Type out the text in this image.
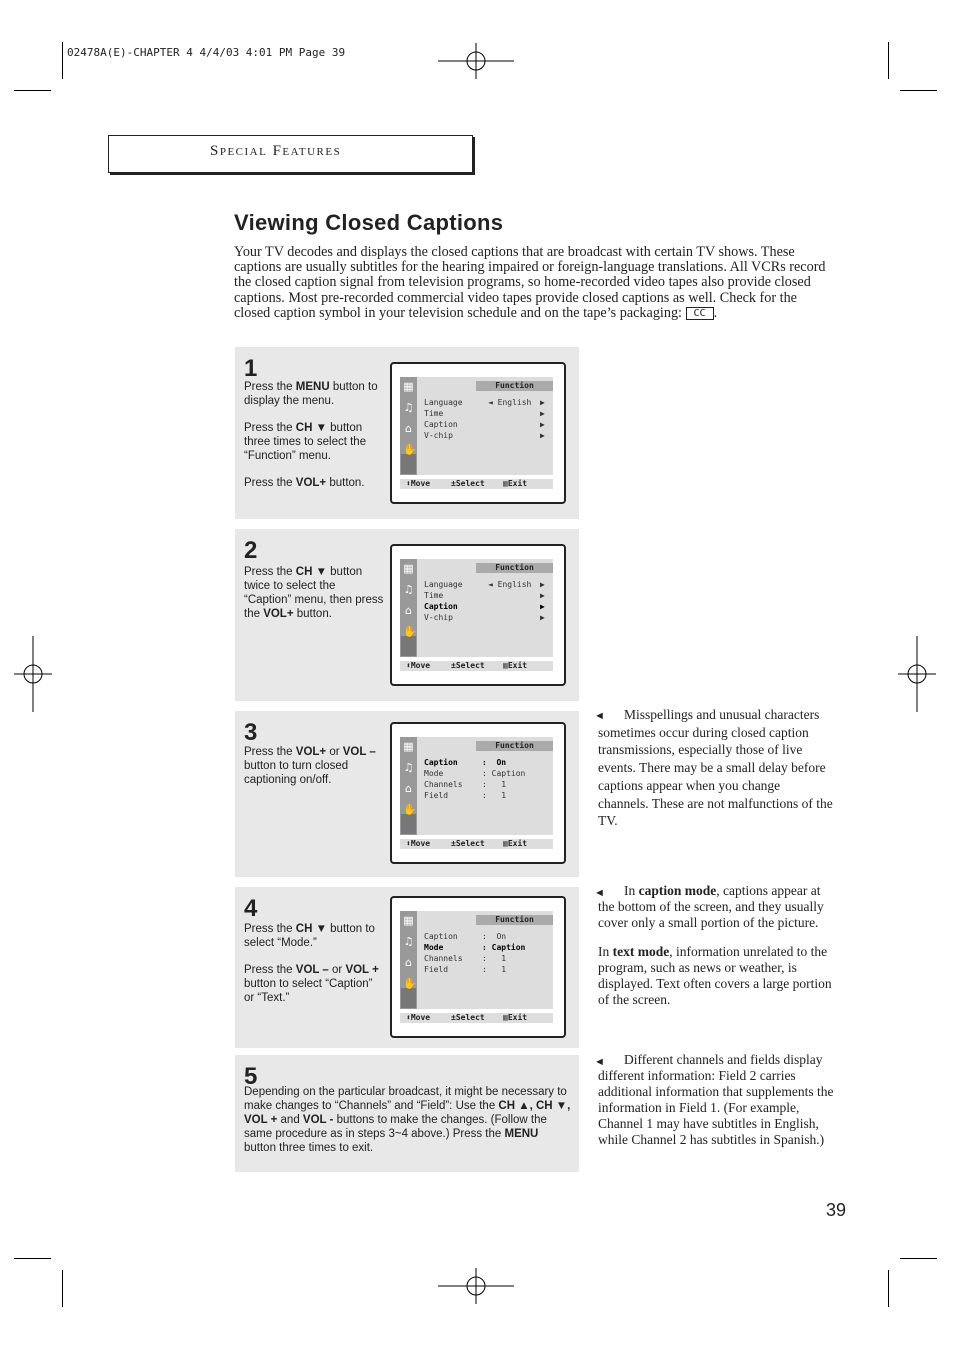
02478A(E)-CHAPTER 4 4/4/03 4:01 PM Page 39
Special Features
Viewing Closed Captions
Your TV decodes and displays the closed captions that are broadcast with certain TV shows. These captions are usually subtitles for the hearing impaired or foreign-language translations. All VCRs record the closed caption signal from television programs, so home-recorded video tapes also provide closed captions. Most pre-recorded commercial video tapes provide closed captions as well. Check for the closed caption symbol in your television schedule and on the tape’s packaging: CC .
1

Press the MENU button to display the menu.

Press the CH ▼ button three times to select the “Function” menu.

Press the VOL+ button.

▦
♫
⌂
✋
Function
Language	◄ English ▶
Time	▶
Caption	▶
V-chip	▶
⬍Move	±Select ▥Exit
2

Press the CH ▼ button twice to select the “Caption” menu, then press the VOL+ button.

▦
♫
⌂
✋
Function
Language	◄ English ▶
Time	▶
Caption	▶
V-chip	▶
⬍Move	±Select ▥Exit
3

Press the VOL+ or VOL – button to turn closed captioning on/off.

▦
♫
⌂
✋
Function
Caption	:  On
Mode	: Caption
Channels :   1
Field	:   1
⬍Move	±Select ▥Exit
4

Press the CH ▼ button to select “Mode.”

Press the VOL – or VOL + button to select “Caption” or “Text.”

▦
♫
⌂
✋
Function
Caption	:  On
Mode	: Caption
Channels :   1
Field	:   1
⬍Move	±Select ▥Exit
5

Depending on the particular broadcast, it might be necessary to make changes to “Channels” and “Field”: Use the CH ▲, CH ▼, VOL + and VOL - buttons to make the changes. (Follow the same procedure as in steps 3~4 above.) Press the MENU button three times to exit.

◄	Misspellings and unusual characters sometimes occur during closed caption transmissions, especially those of live events. There may be a small delay before captions appear when you change channels. These are not malfunctions of the TV.

◄	In caption mode, captions appear at the bottom of the screen, and they usually cover only a small portion of the picture.

In text mode, information unrelated to the program, such as news or weather, is displayed. Text often covers a large portion of the screen.

◄	Different channels and fields display different information: Field 2 carries additional information that supplements the information in Field 1. (For example, Channel 1 may have subtitles in English, while Channel 2 has subtitles in Spanish.)

39
